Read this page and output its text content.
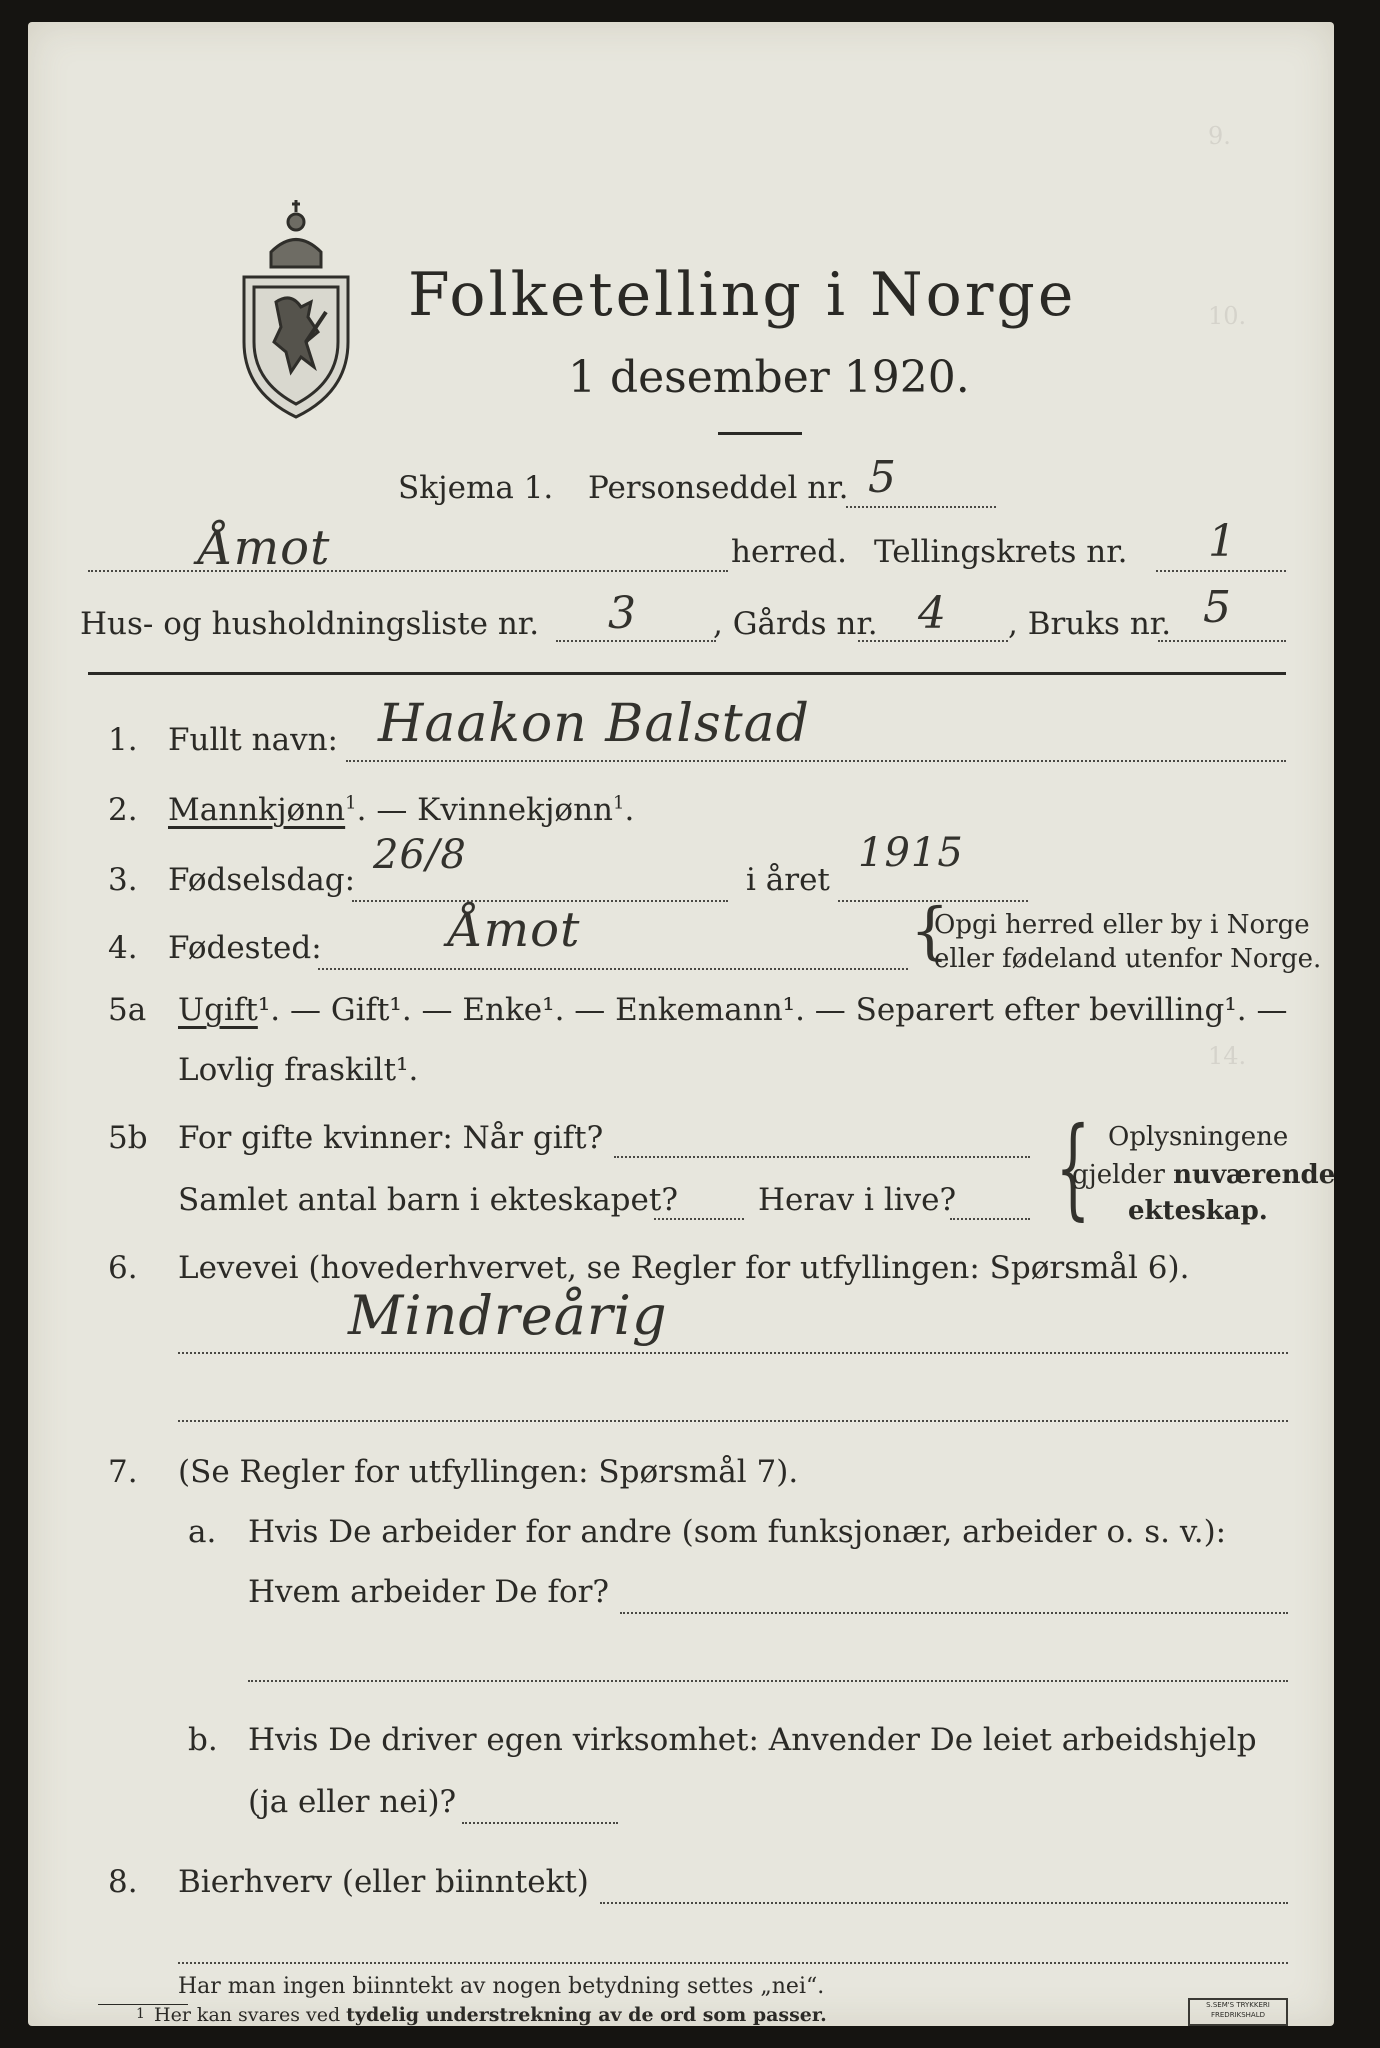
9.
10.
14.
Folketelling i Norge
1 desember 1920.
Skjema 1. Personseddel nr. 5
Åmot	herred. Tellingskrets nr. 1
Hus- og husholdningsliste nr. 3 , Gårds nr. 4 , Bruks nr. 5
1. Fullt navn: Haakon Balstad
2. Mannkjønn$^1$. — Kvinnekjønn$^1$.
3. Fødselsdag:
26/8
i året
1915
4. Fødested:	Åmot	{
Opgi herred eller by i Norge
eller fødeland utenfor Norge.
5a Ugift¹. — Gift¹. — Enke¹. — Enkemann¹. — Separert efter bevilling¹. —
Lovlig fraskilt¹.
5b For gifte kvinner: Når gift?
Samlet antal barn i ekteskapet?	Herav i live? { Oplysningene
gjelder nuværende
ekteskap.
6. Levevei (hovederhvervet, se Regler for utfyllingen: Spørsmål 6).
Mindreårig
7. (Se Regler for utfyllingen: Spørsmål 7).
a. Hvis De arbeider for andre (som funksjonær, arbeider o. s. v.):
Hvem arbeider De for?
b. Hvis De driver egen virksomhet: Anvender De leiet arbeidshjelp
(ja eller nei)?
8. Bierhverv (eller biinntekt)
Har man ingen biinntekt av nogen betydning settes „nei“.
1 Her kan svares ved tydelig understrekning av de ord som passer.	S.SEM'S TRYKKERI
FREDRIKSHALD
